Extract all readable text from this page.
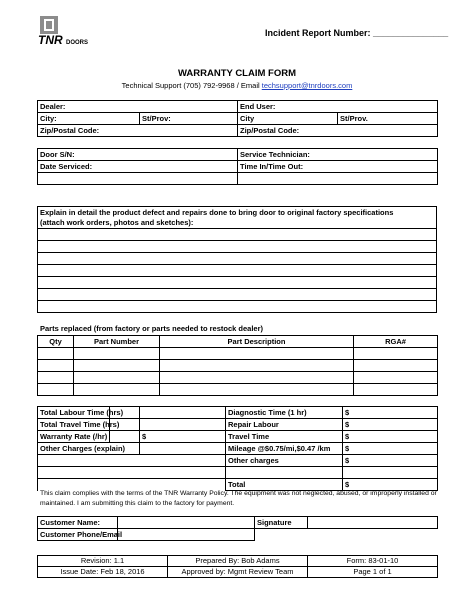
TNR DOORS
Incident Report Number: _______________
WARRANTY CLAIM FORM
Technical Support (705) 792-9968 / Email techsupport@tnrdoors.com
Dealer:		End User:	
City:	St/Prov:	City	St/Prov.
Zip/Postal Code:		Zip/Postal Code:	
Door S/N:	Service Technician:
Date Serviced:	Time In/Time Out:

Explain in detail the product defect and repairs done to bring door to original factory specifications
(attach work orders, photos and sketches):

Parts replaced (from factory or parts needed to restock dealer)
Qty	Part Number	Part Description	RGA#

Total Labour Time (hrs)			Diagnostic Time (1 hr)	$
Total Travel Time (hrs)			Repair Labour	$
Warranty Rate (/hr)		$	Travel Time	$
Other Charges (explain)			Mileage @$0.75/mi,$0.47 /km	$
			Other charges	$

			Total	$
This claim complies with the terms of the TNR Warranty Policy. The equipment was not neglected, abused, or improperly installed or maintained. I am submitting this claim to the factory for payment.
Customer Name:		Signature	
Customer Phone/Email			
Revision: 1.1	Prepared By: Bob Adams	Form: 83-01-10
Issue Date: Feb 18, 2016	Approved by: Mgmt Review Team	Page 1 of 1
